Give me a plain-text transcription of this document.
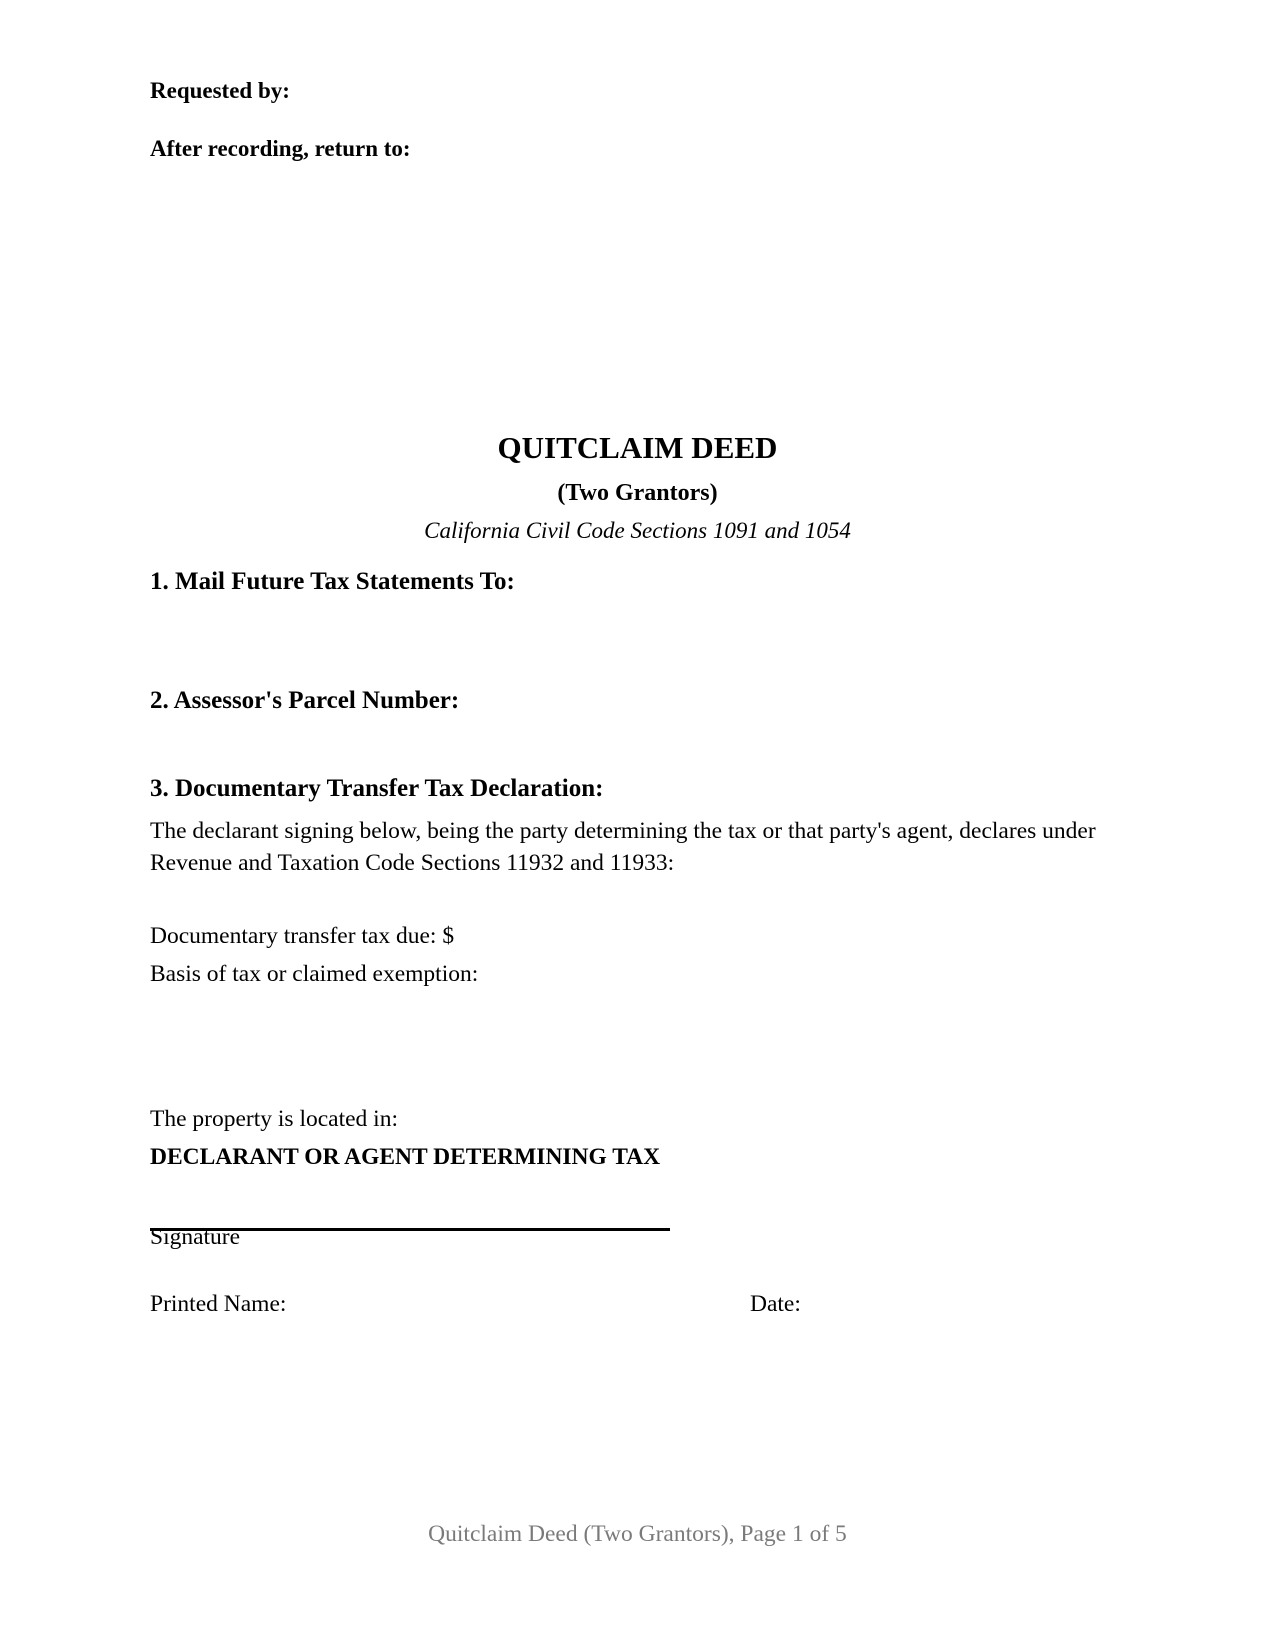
Requested by:
After recording, return to:
QUITCLAIM DEED
(Two Grantors)
California Civil Code Sections 1091 and 1054
1. Mail Future Tax Statements To:
2. Assessor's Parcel Number:
3. Documentary Transfer Tax Declaration:
The declarant signing below, being the party determining the tax or that party's agent, declares under Revenue and Taxation Code Sections 11932 and 11933:
Documentary transfer tax due: $
Basis of tax or claimed exemption:
The property is located in:
DECLARANT OR AGENT DETERMINING TAX
Signature
Printed Name:	Date:
Quitclaim Deed (Two Grantors), Page 1 of 5
